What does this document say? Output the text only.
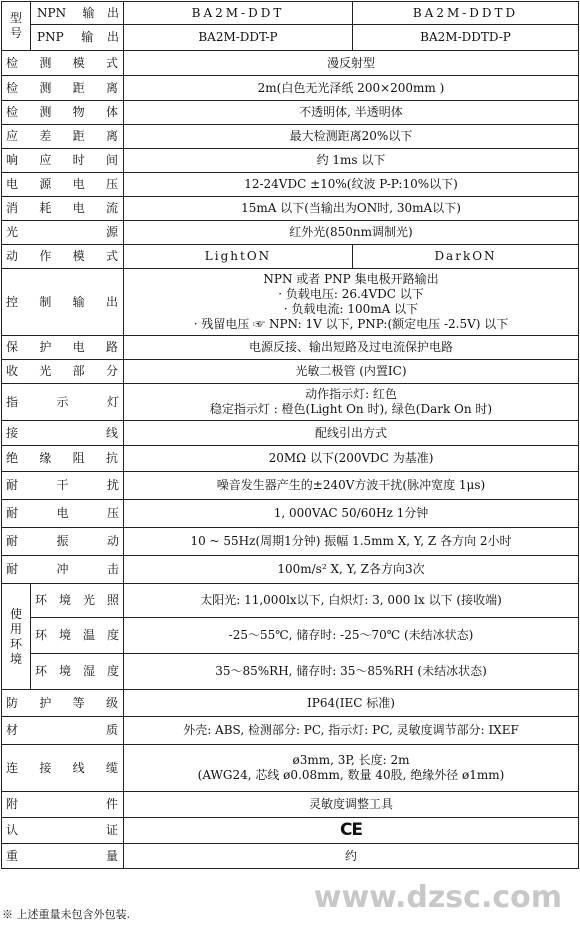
型号	NPN 输出	BA2M-DDT	BA2M-DDTD
	PNP 输出	BA2M-DDT-P	BA2M-DDTD-P
检测模式		漫反射型	
检测距离		2m(白色无光泽纸 200×200mm )	
检测物体		不透明体, 半透明体	
应差距离		最大检测距离20%以下	
响应时间		约 1ms 以下	
电源电压		12-24VDC ±10%(纹波 P-P:10%以下)	
消耗电流		15mA 以下(当输出为ON时, 30mA以下)	
光源		红外光(850nm调制光)	
动作模式		LightON	DarkON
控制输出		NPN 或者 PNP 集电极开路输出
· 负载电压: 26.4VDC 以下
· 负载电流: 100mA 以下
· 残留电压 ☞ NPN: 1V 以下, PNP:(额定电压 -2.5V) 以下	

保护电路		电源反接、输出短路及过电流保护电路	
收光部分		光敏二极管 (内置IC)	
指示灯		动作指示灯: 红色
稳定指示灯 : 橙色(Light On 时), 绿色(Dark On 时)	

接线		配线引出方式	
绝缘阻抗		20MΩ 以下(200VDC 为基准)	
耐干扰		噪音发生器产生的±240V方波干扰(脉冲宽度 1μs)	
耐电压		1, 000VAC 50/60Hz 1分钟	
耐振动		10 ~ 55Hz(周期1分钟) 振幅 1.5mm X, Y, Z 各方向 2小时	
耐冲击		100m/s² X, Y, Z各方向3次	
使用环境	环境光照	太阳光: 11,000lx以下, 白炽灯: 3, 000 lx 以下 (接收端)	
	环境温度	-25～55℃, 储存时: -25～70℃ (未结冰状态)	
	环境湿度	35～85%RH, 储存时: 35～85%RH (未结冰状态)	
防护等级		IP64(IEC 标准)	
材质		外壳: ABS, 检测部分: PC, 指示灯: PC, 灵敏度调节部分: IXEF	
连接线缆		ø3mm, 3P, 长度: 2m
(AWG24, 芯线 ø0.08mm, 数量 40股, 绝缘外径 ø1mm)	

附件		灵敏度调整工具	
认证		CE	
重量		约	
※ 上述重量未包含外包装.	www.dzsc.com
